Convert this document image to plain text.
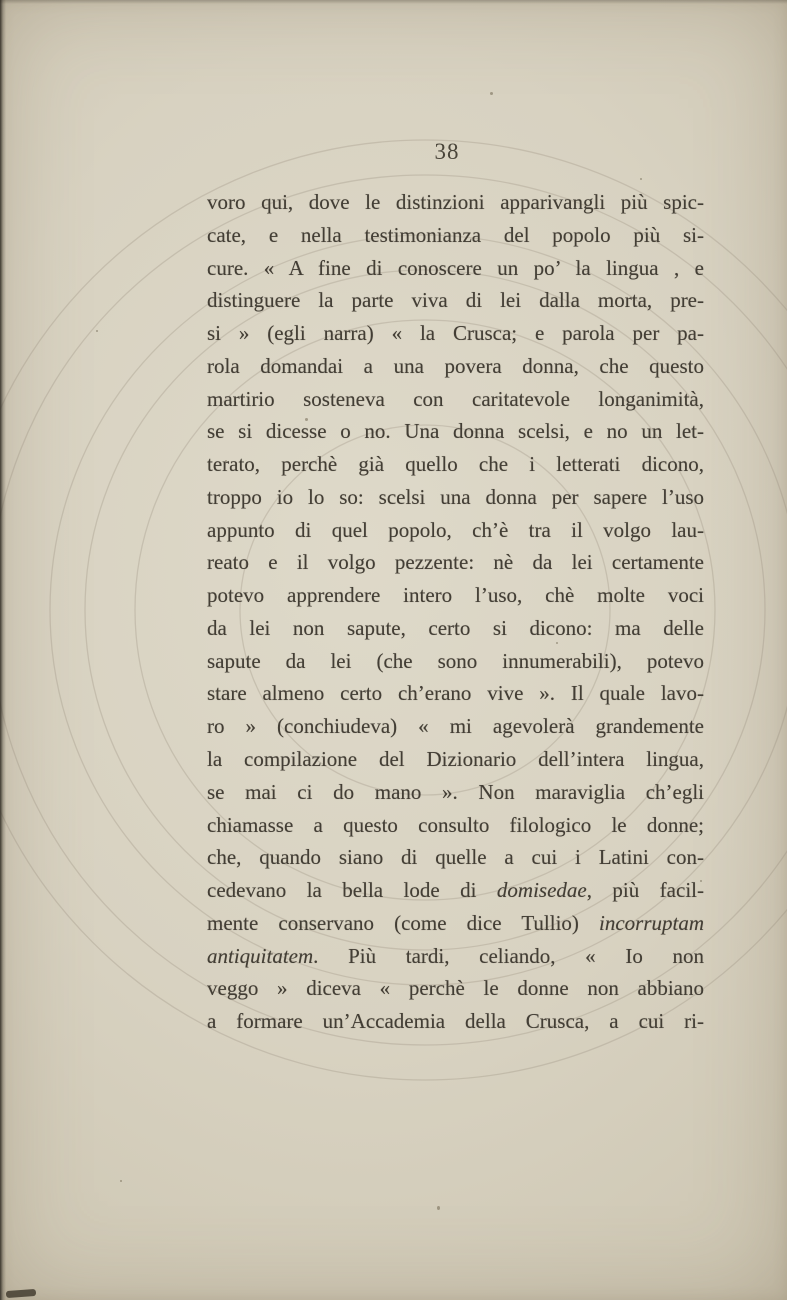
38
voro qui, dove le distinzioni apparivangli più spic-
cate, e nella testimonianza del popolo più si-
cure. « A fine di conoscere un po’ la lingua , e
distinguere la parte viva di lei dalla morta, pre-
si » (egli narra) « la Crusca; e parola per pa-
rola domandai a una povera donna, che questo
martirio sosteneva con caritatevole longanimità,
se si dicesse o no. Una donna scelsi, e no un let-
terato, perchè già quello che i letterati dicono,
troppo io lo so: scelsi una donna per sapere l’uso
appunto di quel popolo, ch’è tra il volgo lau-
reato e il volgo pezzente: nè da lei certamente
potevo apprendere intero l’uso, chè molte voci
da lei non sapute, certo si dicono: ma delle
sapute da lei (che sono innumerabili), potevo
stare almeno certo ch’erano vive ». Il quale lavo-
ro » (conchiudeva) « mi agevolerà grandemente
la compilazione del Dizionario dell’intera lingua,
se mai ci do mano ». Non maraviglia ch’egli
chiamasse a questo consulto filologico le donne;
che, quando siano di quelle a cui i Latini con-
cedevano la bella lode di domisedae, più facil-
mente conservano (come dice Tullio) incorruptam
antiquitatem. Più tardi, celiando, « Io non
veggo » diceva « perchè le donne non abbiano
a formare un’Accademia della Crusca, a cui ri-
